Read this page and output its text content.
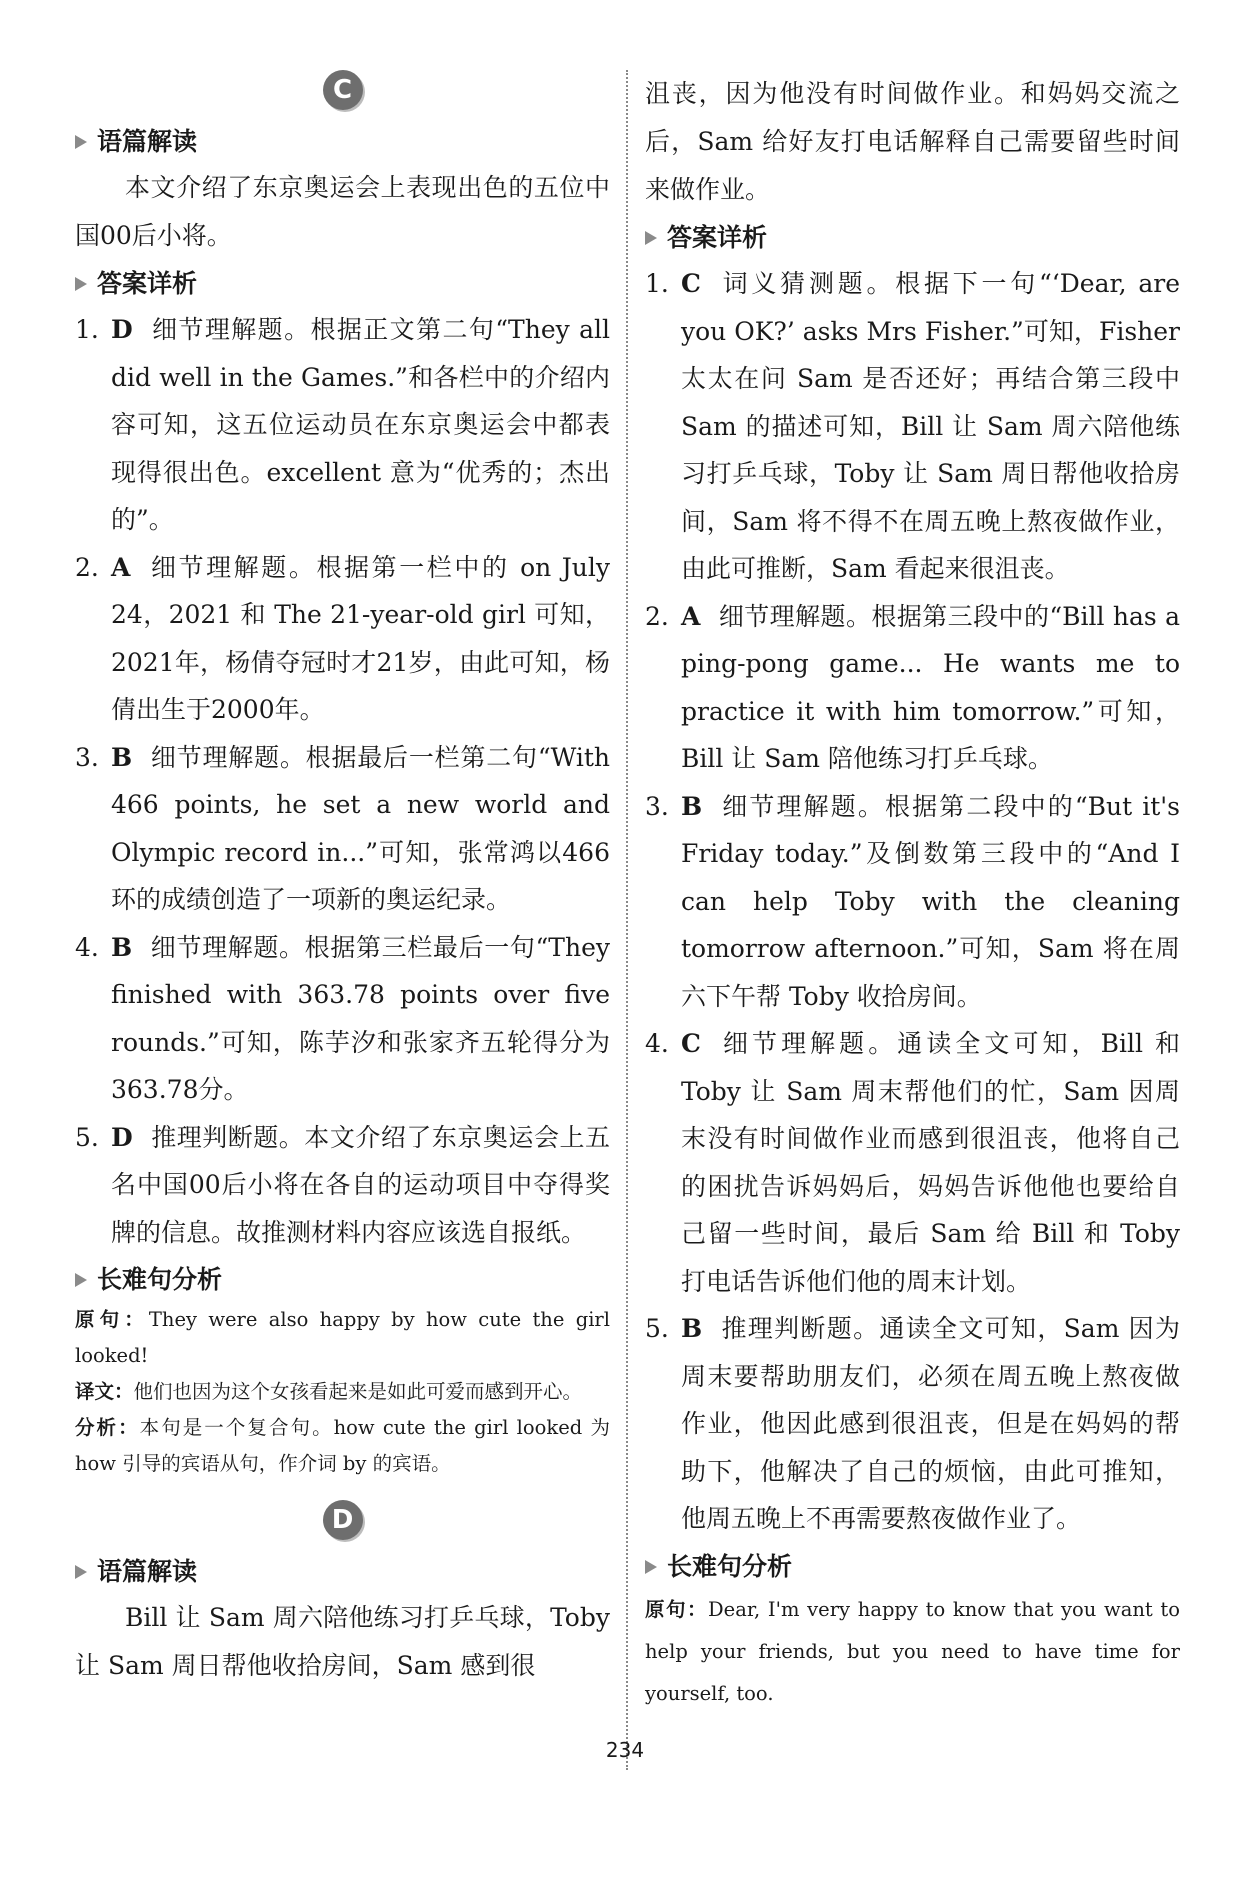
C
语篇解读

本文介绍了东京奥运会上表现出色的五位中国00后小将。

答案详析
1. D 细节理解题。根据正文第二句“They all did well in the Games.”和各栏中的介绍内容可知，这五位运动员在东京奥运会中都表现得很出色。excellent 意为“优秀的；杰出的”。
2. A 细节理解题。根据第一栏中的 on July 24，2021 和 The 21-year-old girl 可知，2021年，杨倩夺冠时才21岁，由此可知，杨倩出生于2000年。
3. B 细节理解题。根据最后一栏第二句“With 466 points, he set a new world and Olympic record in...”可知，张常鸿以466环的成绩创造了一项新的奥运纪录。
4. B 细节理解题。根据第三栏最后一句“They finished with 363.78 points over five rounds.”可知，陈芋汐和张家齐五轮得分为363.78分。
5. D 推理判断题。本文介绍了东京奥运会上五名中国00后小将在各自的运动项目中夺得奖牌的信息。故推测材料内容应该选自报纸。
长难句分析

原句：They were also happy by how cute the girl looked!

译文：他们也因为这个女孩看起来是如此可爱而感到开心。

分析：本句是一个复合句。how cute the girl looked 为 how 引导的宾语从句，作介词 by 的宾语。

D
语篇解读

Bill 让 Sam 周六陪他练习打乒乓球，Toby 让 Sam 周日帮他收拾房间，Sam 感到很

沮丧，因为他没有时间做作业。和妈妈交流之后，Sam 给好友打电话解释自己需要留些时间来做作业。

答案详析
1. C 词义猜测题。根据下一句“‘Dear, are you OK?’ asks Mrs Fisher.”可知，Fisher 太太在问 Sam 是否还好；再结合第三段中 Sam 的描述可知，Bill 让 Sam 周六陪他练习打乒乓球，Toby 让 Sam 周日帮他收拾房间，Sam 将不得不在周五晚上熬夜做作业，由此可推断，Sam 看起来很沮丧。
2. A 细节理解题。根据第三段中的“Bill has a ping-pong game... He wants me to practice it with him tomorrow.”可知，Bill 让 Sam 陪他练习打乒乓球。
3. B 细节理解题。根据第二段中的“But it's Friday today.”及倒数第三段中的“And I can help Toby with the cleaning tomorrow afternoon.”可知，Sam 将在周六下午帮 Toby 收拾房间。
4. C 细节理解题。通读全文可知，Bill 和 Toby 让 Sam 周末帮他们的忙，Sam 因周末没有时间做作业而感到很沮丧，他将自己的困扰告诉妈妈后，妈妈告诉他他也要给自己留一些时间，最后 Sam 给 Bill 和 Toby 打电话告诉他们他的周末计划。
5. B 推理判断题。通读全文可知，Sam 因为周末要帮助朋友们，必须在周五晚上熬夜做作业，他因此感到很沮丧，但是在妈妈的帮助下，他解决了自己的烦恼，由此可推知，他周五晚上不再需要熬夜做作业了。
长难句分析

原句：Dear, I'm very happy to know that you want to help your friends, but you need to have time for yourself, too.

234
